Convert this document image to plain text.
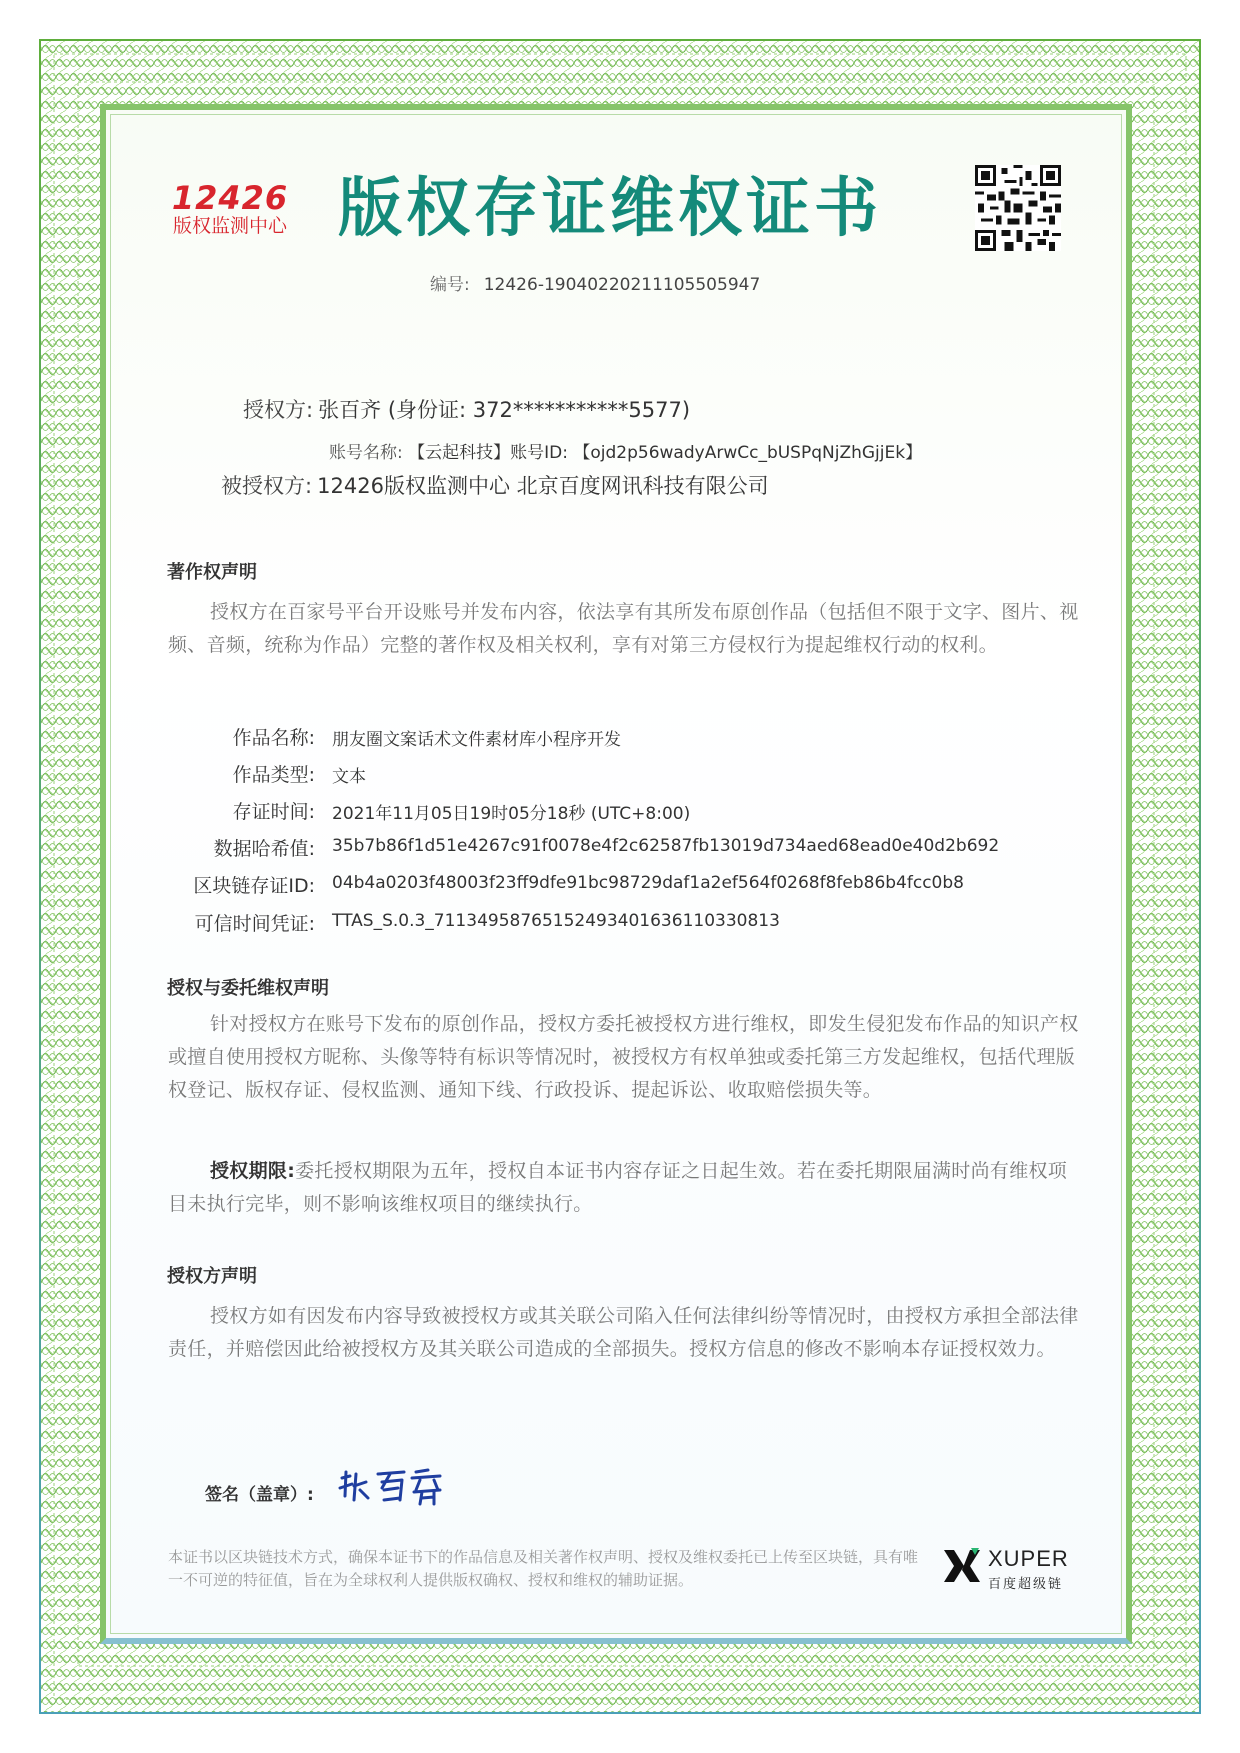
12426
版权监测中心 版权存证维权证书
编号: 12426-19040220211105505947
授权方: 张百齐 (身份证: 372***********5577)
账号名称: 【云起科技】账号ID: 【ojd2p56wadyArwCc_bUSPqNjZhGjjEk】
被授权方: 12426版权监测中心 北京百度网讯科技有限公司
著作权声明
授权方在百家号平台开设账号并发布内容，依法享有其所发布原创作品（包括但不限于文字、图片、视频、音频，统称为作品）完整的著作权及相关权利，享有对第三方侵权行为提起维权行动的权利。
作品名称: 朋友圈文案话术文件素材库小程序开发
作品类型: 文本
存证时间: 2021年11月05日19时05分18秒 (UTC+8:00)
数据哈希值: 35b7b86f1d51e4267c91f0078e4f2c62587fb13019d734aed68ead0e40d2b692
区块链存证ID: 04b4a0203f48003f23ff9dfe91bc98729daf1a2ef564f0268f8feb86b4fcc0b8
可信时间凭证: TTAS_S.0.3_7113495876515249340163611033081​3
授权与委托维权声明
针对授权方在账号下发布的原创作品，授权方委托被授权方进行维权，即发生侵犯发布作品的知识产权或擅自使用授权方昵称、头像等特有标识等情况时，被授权方有权单独或委托第三方发起维权，包括代理版权登记、版权存证、侵权监测、通知下线、行政投诉、提起诉讼、收取赔偿损失等。
授权期限:委托授权期限为五年，授权自本证书内容存证之日起生效。若在委托期限届满时尚有维权项目未执行完毕，则不影响该维权项目的继续执行。
授权方声明
授权方如有因发布内容导致被授权方或其关联公司陷入任何法律纠纷等情况时，由授权方承担全部法律责任，并赔偿因此给被授权方及其关联公司造成的全部损失。授权方信息的修改不影响本存证授权效力。
签名（盖章）:
本证书以区块链技术方式，确保本证书下的作品信息及相关著作权声明、授权及维权委托已上传至区块链，具有唯一不可逆的特征值，旨在为全球权利人提供版权确权、授权和维权的辅助证据。
XUPER
百度超级链
